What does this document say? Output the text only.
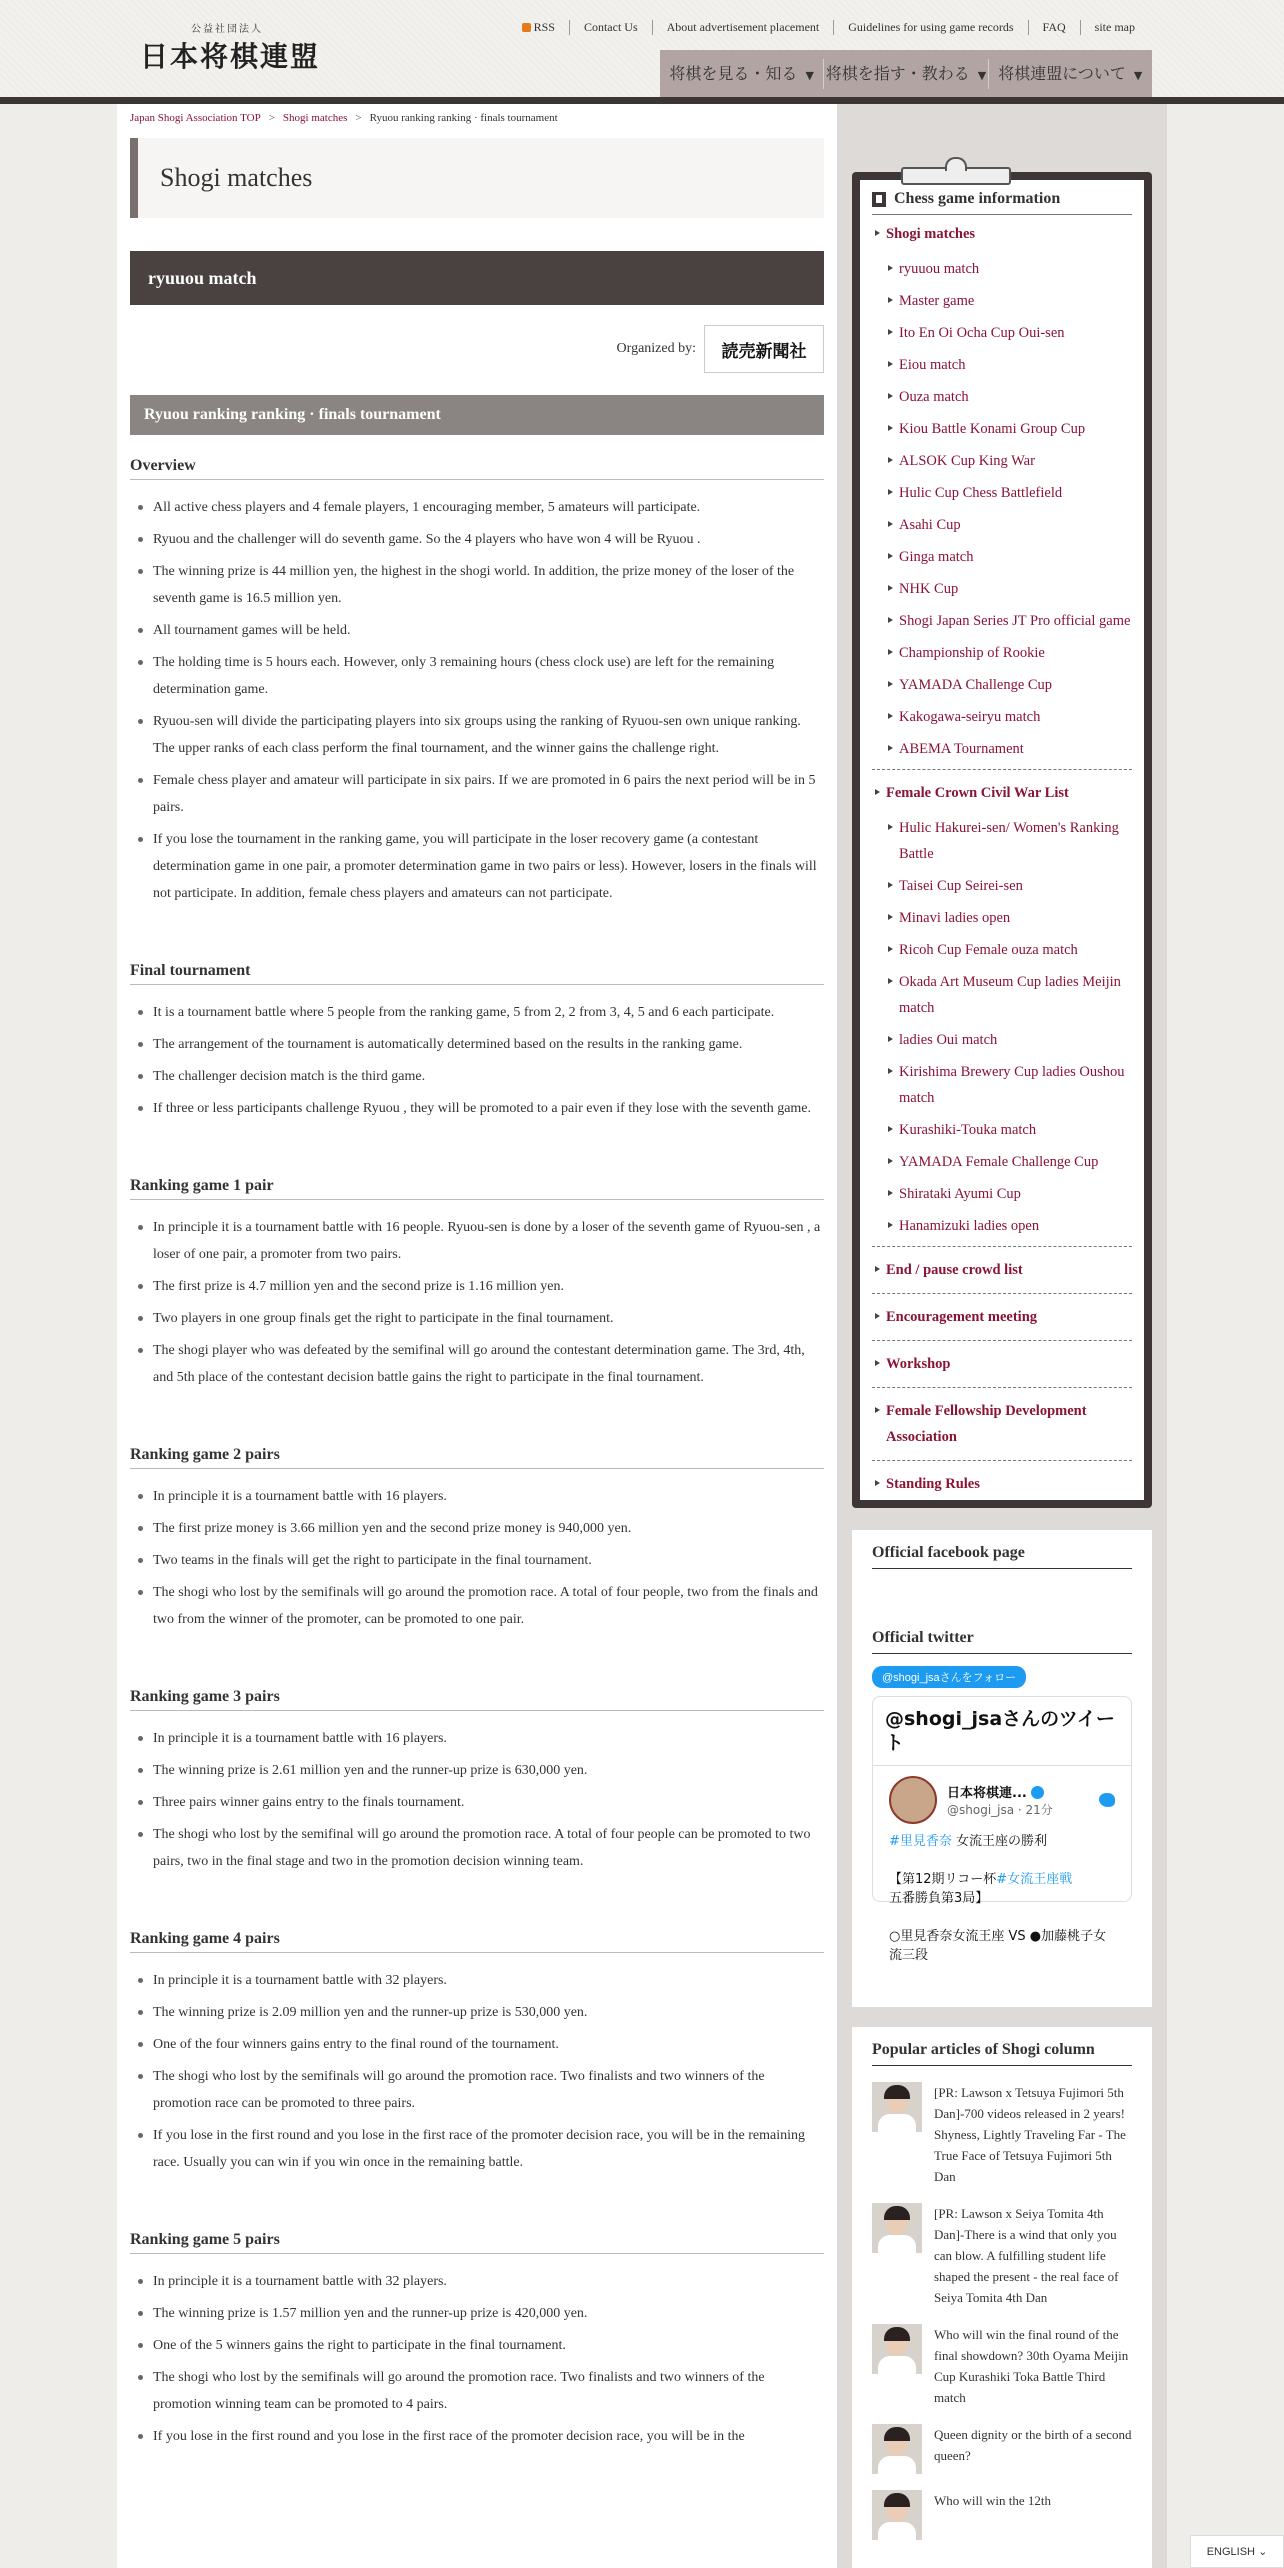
公益社団法人
日本将棋連盟
RSS	Contact Us	About advertisement placement	Guidelines for using game records	FAQ	site map
将棋を見る・知る ▼ 将棋を指す・教わる ▼ 将棋連盟について ▼
Japan Shogi Association TOP > Shogi matches > Ryuou ranking ranking · finals tournament
Shogi matches
ryuuou match
Organized by:	読売新聞社
Ryuou ranking ranking · finals tournament
Overview
All active chess players and 4 female players, 1 encouraging member, 5 amateurs will participate.
Ryuou and the challenger will do seventh game. So the 4 players who have won 4 will be Ryuou .
The winning prize is 44 million yen, the highest in the shogi world. In addition, the prize money of the loser of the seventh game is 16.5 million yen.
All tournament games will be held.
The holding time is 5 hours each. However, only 3 remaining hours (chess clock use) are left for the remaining determination game.
Ryuou-sen will divide the participating players into six groups using the ranking of Ryuou-sen own unique ranking. The upper ranks of each class perform the final tournament, and the winner gains the challenge right.
Female chess player and amateur will participate in six pairs. If we are promoted in 6 pairs the next period will be in 5 pairs.
If you lose the tournament in the ranking game, you will participate in the loser recovery game (a contestant determination game in one pair, a promoter determination game in two pairs or less). However, losers in the finals will not participate. In addition, female chess players and amateurs can not participate.
Final tournament
It is a tournament battle where 5 people from the ranking game, 5 from 2, 2 from 3, 4, 5 and 6 each participate.
The arrangement of the tournament is automatically determined based on the results in the ranking game.
The challenger decision match is the third game.
If three or less participants challenge Ryuou , they will be promoted to a pair even if they lose with the seventh game.
Ranking game 1 pair
In principle it is a tournament battle with 16 people. Ryuou-sen is done by a loser of the seventh game of Ryuou-sen , a loser of one pair, a promoter from two pairs.
The first prize is 4.7 million yen and the second prize is 1.16 million yen.
Two players in one group finals get the right to participate in the final tournament.
The shogi player who was defeated by the semifinal will go around the contestant determination game. The 3rd, 4th, and 5th place of the contestant decision battle gains the right to participate in the final tournament.
Ranking game 2 pairs
In principle it is a tournament battle with 16 players.
The first prize money is 3.66 million yen and the second prize money is 940,000 yen.
Two teams in the finals will get the right to participate in the final tournament.
The shogi who lost by the semifinals will go around the promotion race. A total of four people, two from the finals and two from the winner of the promoter, can be promoted to one pair.
Ranking game 3 pairs
In principle it is a tournament battle with 16 players.
The winning prize is 2.61 million yen and the runner-up prize is 630,000 yen.
Three pairs winner gains entry to the finals tournament.
The shogi who lost by the semifinal will go around the promotion race. A total of four people can be promoted to two pairs, two in the final stage and two in the promotion decision winning team.
Ranking game 4 pairs
In principle it is a tournament battle with 32 players.
The winning prize is 2.09 million yen and the runner-up prize is 530,000 yen.
One of the four winners gains entry to the final round of the tournament.
The shogi who lost by the semifinals will go around the promotion race. Two finalists and two winners of the promotion race can be promoted to three pairs.
If you lose in the first round and you lose in the first race of the promoter decision race, you will be in the remaining race. Usually you can win if you win once in the remaining battle.
Ranking game 5 pairs
In principle it is a tournament battle with 32 players.
The winning prize is 1.57 million yen and the runner-up prize is 420,000 yen.
One of the 5 winners gains the right to participate in the final tournament.
The shogi who lost by the semifinals will go around the promotion race. Two finalists and two winners of the promotion winning team can be promoted to 4 pairs.
If you lose in the first round and you lose in the first race of the promoter decision race, you will be in the
Chess game information
Shogi matches
ryuuou match
Master game
Ito En Oi Ocha Cup Oui-sen
Eiou match
Ouza match
Kiou Battle Konami Group Cup
ALSOK Cup King War
Hulic Cup Chess Battlefield
Asahi Cup
Ginga match
NHK Cup
Shogi Japan Series JT Pro official game
Championship of Rookie
YAMADA Challenge Cup
Kakogawa-seiryu match
ABEMA Tournament
Female Crown Civil War List
Hulic Hakurei-sen/ Women's Ranking Battle
Taisei Cup Seirei-sen
Minavi ladies open
Ricoh Cup Female ouza match
Okada Art Museum Cup ladies Meijin match
ladies Oui match
Kirishima Brewery Cup ladies Oushou match
Kurashiki-Touka match
YAMADA Female Challenge Cup
Shirataki Ayumi Cup
Hanamizuki ladies open
End / pause crowd list
Encouragement meeting
Workshop
Female Fellowship Development Association
Standing Rules
Official facebook page
Official twitter
@shogi_jsaさんをフォロー
@shogi_jsaさんのツイート
日本将棋連...
@shogi_jsa · 21分
#里見香奈 女流王座の勝利

【第12期リコー杯#女流王座戦
五番勝負第3局】

○里見香奈女流王座 VS ●加藤桃子女流三段
Popular articles of Shogi column
[PR: Lawson x Tetsuya Fujimori 5th Dan]-700 videos released in 2 years! Shyness, Lightly Traveling Far - The True Face of Tetsuya Fujimori 5th Dan
[PR: Lawson x Seiya Tomita 4th Dan]-There is a wind that only you can blow. A fulfilling student life shaped the present - the real face of Seiya Tomita 4th Dan
Who will win the final round of the final showdown? 30th Oyama Meijin Cup Kurashiki Toka Battle Third match
Queen dignity or the birth of a second queen?
Who will win the 12th
ENGLISH
⌄
